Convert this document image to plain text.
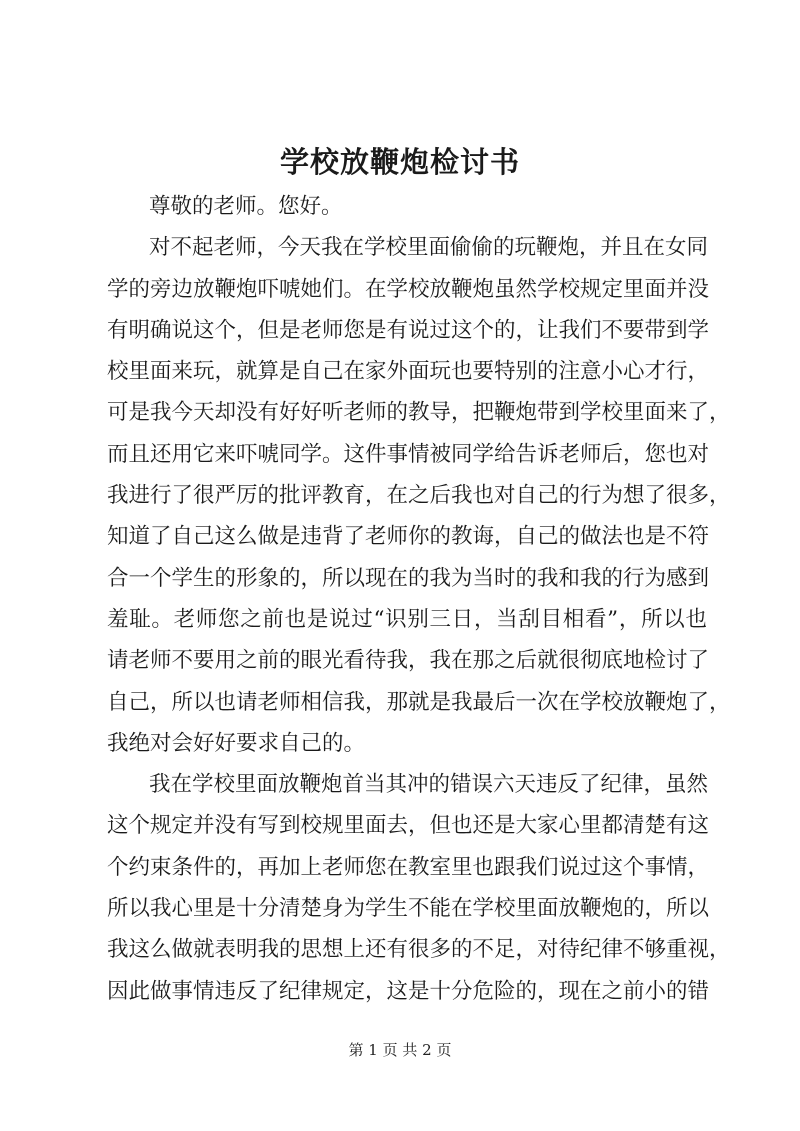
学校放鞭炮检讨书
尊敬的老师。您好。
对不起老师，今天我在学校里面偷偷的玩鞭炮，并且在女同
学的旁边放鞭炮吓唬她们。在学校放鞭炮虽然学校规定里面并没
有明确说这个，但是老师您是有说过这个的，让我们不要带到学
校里面来玩，就算是自己在家外面玩也要特别的注意小心才行，
可是我今天却没有好好听老师的教导，把鞭炮带到学校里面来了，
而且还用它来吓唬同学。这件事情被同学给告诉老师后，您也对
我进行了很严厉的批评教育，在之后我也对自己的行为想了很多，
知道了自己这么做是违背了老师你的教诲，自己的做法也是不符
合一个学生的形象的，所以现在的我为当时的我和我的行为感到
羞耻。老师您之前也是说过“识别三日，当刮目相看”，所以也
请老师不要用之前的眼光看待我，我在那之后就很彻底地检讨了
自己，所以也请老师相信我，那就是我最后一次在学校放鞭炮了，
我绝对会好好要求自己的。
我在学校里面放鞭炮首当其冲的错误六天违反了纪律，虽然
这个规定并没有写到校规里面去，但也还是大家心里都清楚有这
个约束条件的，再加上老师您在教室里也跟我们说过这个事情，
所以我心里是十分清楚身为学生不能在学校里面放鞭炮的，所以
我这么做就表明我的思想上还有很多的不足，对待纪律不够重视，
因此做事情违反了纪律规定，这是十分危险的，现在之前小的错
第 1 页 共 2 页
